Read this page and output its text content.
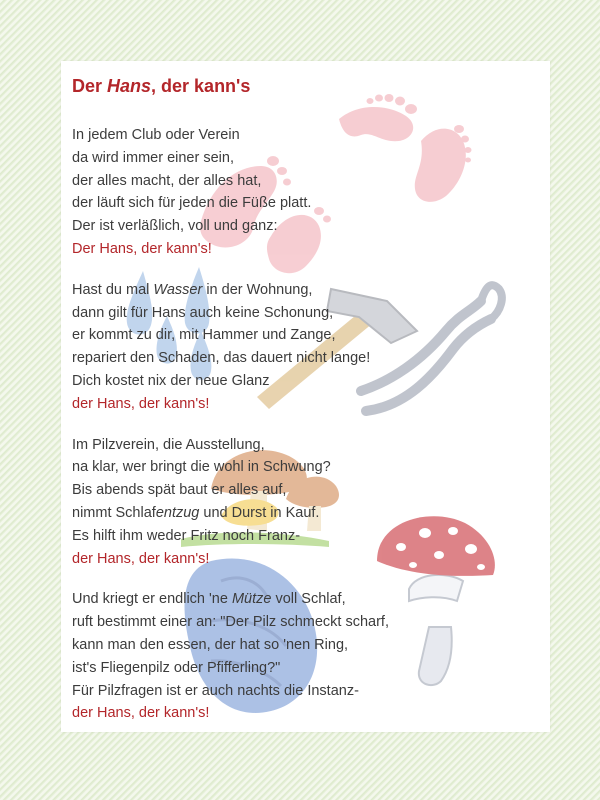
Der Hans, der kann's
In jedem Club oder Verein
da wird immer einer sein,
der alles macht, der alles hat,
der läuft sich für jeden die Füße platt.
Der ist verläßlich, voll und ganz:
Der Hans, der kann's!
Hast du mal Wasser in der Wohnung,
dann gilt für Hans auch keine Schonung,
er kommt zu dir, mit Hammer und Zange,
repariert den Schaden, das dauert nicht lange!
Dich kostet nix der neue Glanz
der Hans, der kann's!
Im Pilzverein, die Ausstellung,
na klar, wer bringt die wohl in Schwung?
Bis abends spät baut er alles auf,
nimmt Schlafentzug und Durst in Kauf.
Es hilft ihm weder Fritz noch Franz-
der Hans, der kann's!
Und kriegt er endlich 'ne Mütze voll Schlaf,
ruft bestimmt einer an: "Der Pilz schmeckt scharf,
kann man den essen, der hat so 'nen Ring,
ist's Fliegenpilz oder Pfifferling?"
Für Pilzfragen ist er auch nachts die Instanz-
der Hans, der kann's!
